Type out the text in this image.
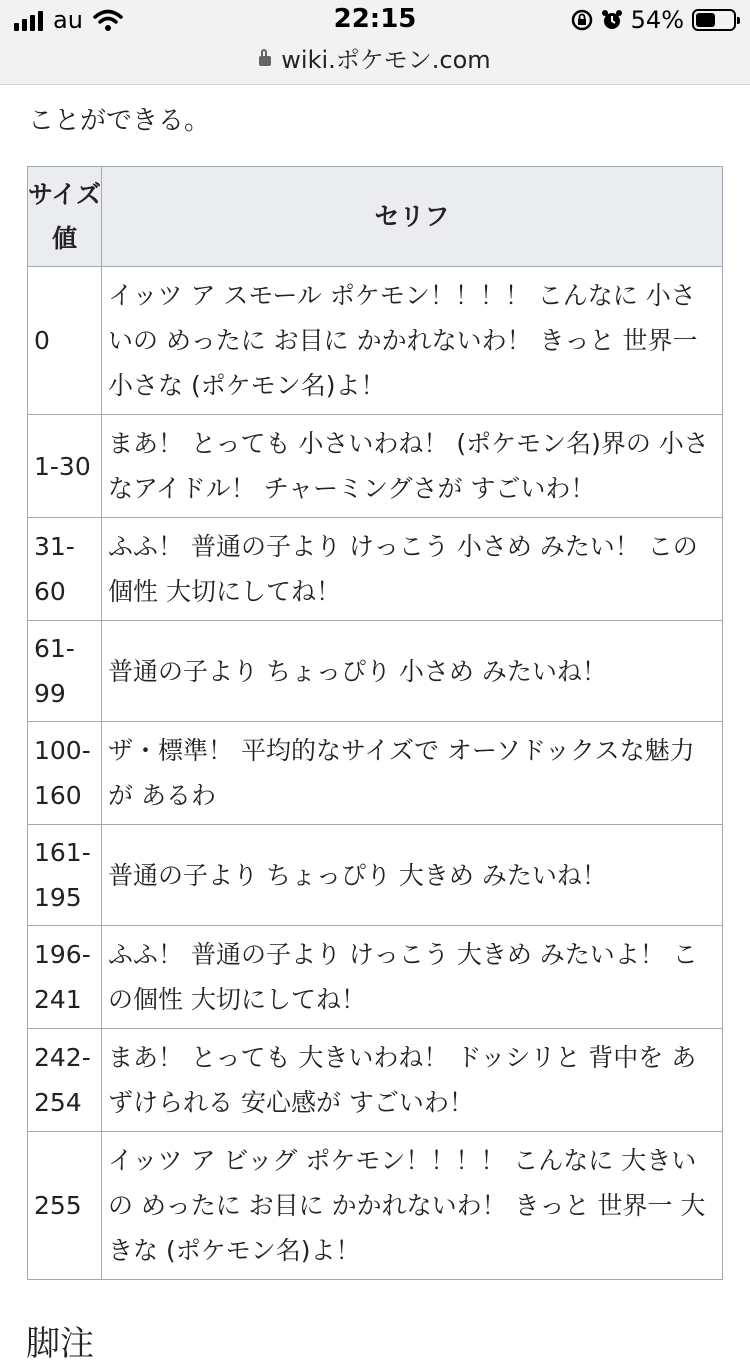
au	22:15	54%
wiki.ポケモン.com
ことができる。
サイズ値	セリフ
0	イッツ ア スモール ポケモン！！！！ こんなに 小さいの めったに お目に かかれないわ！ きっと 世界一 小さな (ポケモン名)よ！
1-30	まあ！ とっても 小さいわね！ (ポケモン名)界の 小さなアイドル！ チャーミングさが すごいわ！
31-60	ふふ！ 普通の子より けっこう 小さめ みたい！ この個性 大切にしてね！
61-99	普通の子より ちょっぴり 小さめ みたいね！
100-160	ザ・標準！ 平均的なサイズで オーソドックスな魅力が あるわ
161-195	普通の子より ちょっぴり 大きめ みたいね！
196-241	ふふ！ 普通の子より けっこう 大きめ みたいよ！ この個性 大切にしてね！
242-254	まあ！ とっても 大きいわね！ ドッシリと 背中を あずけられる 安心感が すごいわ！
255	イッツ ア ビッグ ポケモン！！！！ こんなに 大きいの めったに お目に かかれないわ！ きっと 世界一 大きな (ポケモン名)よ！
脚注
